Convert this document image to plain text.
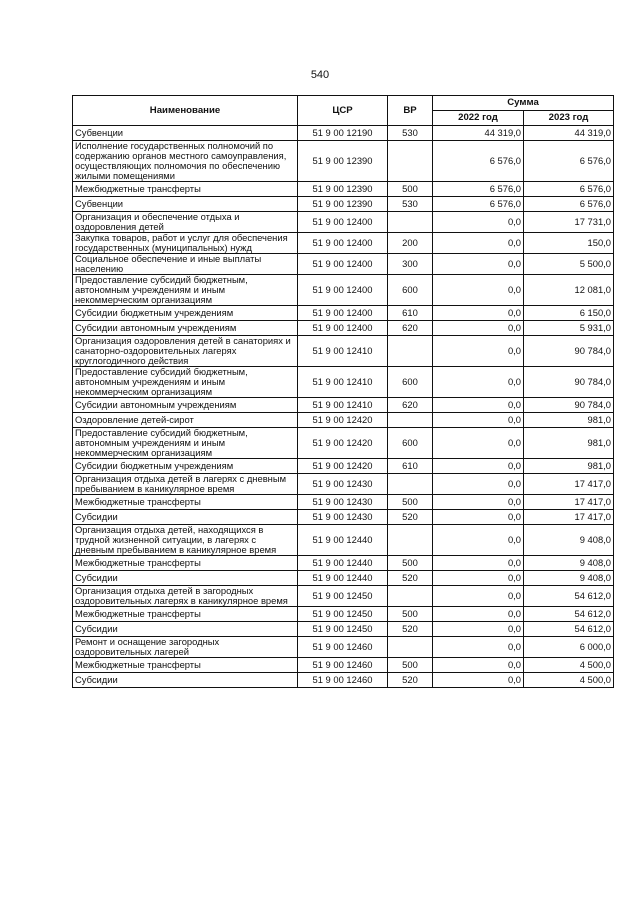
540
Наименование	ЦСР	ВР	Сумма	
			2022 год	2023 год
Субвенции	51 9 00 12190	530	44 319,0	44 319,0
Исполнение государственных полномочий по содержанию органов местного самоуправления, осуществляющих полномочия по обеспечению жилыми помещениями	51 9 00 12390		6 576,0	6 576,0
Межбюджетные трансферты	51 9 00 12390	500	6 576,0	6 576,0
Субвенции	51 9 00 12390	530	6 576,0	6 576,0
Организация и обеспечение отдыха и оздоровления детей	51 9 00 12400		0,0	17 731,0
Закупка товаров, работ и услуг для обеспечения государственных (муниципальных) нужд	51 9 00 12400	200	0,0	150,0
Социальное обеспечение и иные выплаты населению	51 9 00 12400	300	0,0	5 500,0
Предоставление субсидий бюджетным, автономным учреждениям и иным некоммерческим организациям	51 9 00 12400	600	0,0	12 081,0
Субсидии бюджетным учреждениям	51 9 00 12400	610	0,0	6 150,0
Субсидии автономным учреждениям	51 9 00 12400	620	0,0	5 931,0
Организация оздоровления детей в санаториях и санаторно-оздоровительных лагерях круглогодичного действия	51 9 00 12410		0,0	90 784,0
Предоставление субсидий бюджетным, автономным учреждениям и иным некоммерческим организациям	51 9 00 12410	600	0,0	90 784,0
Субсидии автономным учреждениям	51 9 00 12410	620	0,0	90 784,0
Оздоровление детей-сирот	51 9 00 12420		0,0	981,0
Предоставление субсидий бюджетным, автономным учреждениям и иным некоммерческим организациям	51 9 00 12420	600	0,0	981,0
Субсидии бюджетным учреждениям	51 9 00 12420	610	0,0	981,0
Организация отдыха детей в лагерях с дневным пребыванием в каникулярное время	51 9 00 12430		0,0	17 417,0
Межбюджетные трансферты	51 9 00 12430	500	0,0	17 417,0
Субсидии	51 9 00 12430	520	0,0	17 417,0
Организация отдыха детей, находящихся в трудной жизненной ситуации, в лагерях с дневным пребыванием в каникулярное время	51 9 00 12440		0,0	9 408,0
Межбюджетные трансферты	51 9 00 12440	500	0,0	9 408,0
Субсидии	51 9 00 12440	520	0,0	9 408,0
Организация отдыха детей в загородных оздоровительных лагерях в каникулярное время	51 9 00 12450		0,0	54 612,0
Межбюджетные трансферты	51 9 00 12450	500	0,0	54 612,0
Субсидии	51 9 00 12450	520	0,0	54 612,0
Ремонт и оснащение загородных оздоровительных лагерей	51 9 00 12460		0,0	6 000,0
Межбюджетные трансферты	51 9 00 12460	500	0,0	4 500,0
Субсидии	51 9 00 12460	520	0,0	4 500,0
